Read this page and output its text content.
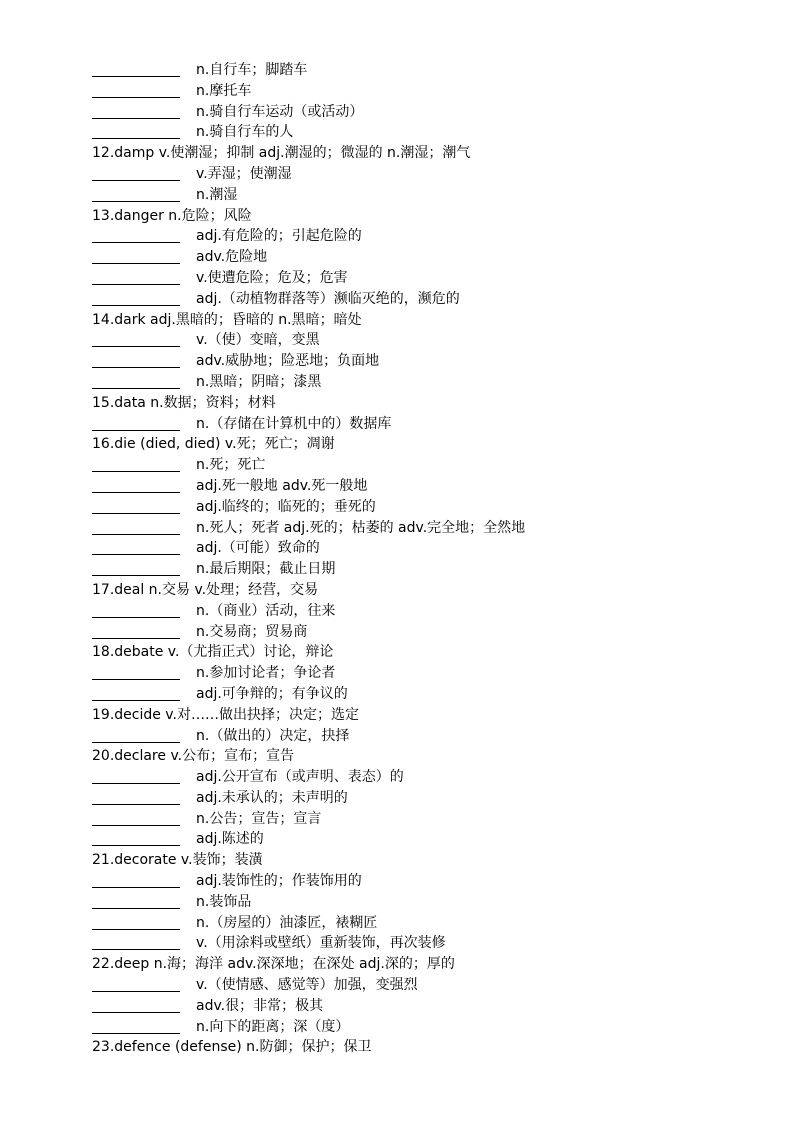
n.自行车；脚踏车
n.摩托车
n.骑自行车运动（或活动）
n.骑自行车的人
12.damp v.使潮湿；抑制 adj.潮湿的；微湿的 n.潮湿；潮气
v.弄湿；使潮湿
n.潮湿
13.danger n.危险；风险
adj.有危险的；引起危险的
adv.危险地
v.使遭危险；危及；危害
adj.（动植物群落等）濒临灭绝的，濒危的
14.dark adj.黑暗的；昏暗的 n.黑暗；暗处
v.（使）变暗，变黑
adv.威胁地；险恶地；负面地
n.黑暗；阴暗；漆黑
15.data n.数据；资料；材料
n.（存储在计算机中的）数据库
16.die (died, died) v.死；死亡；凋谢
n.死；死亡
adj.死一般地 adv.死一般地
adj.临终的；临死的；垂死的
n.死人；死者 adj.死的；枯萎的 adv.完全地；全然地
adj.（可能）致命的
n.最后期限；截止日期
17.deal n.交易 v.处理；经营，交易
n.（商业）活动，往来
n.交易商；贸易商
18.debate v.（尤指正式）讨论，辩论
n.参加讨论者；争论者
adj.可争辩的；有争议的
19.decide v.对……做出抉择；决定；选定
n.（做出的）决定，抉择
20.declare v.公布；宣布；宣告
adj.公开宣布（或声明、表态）的
adj.未承认的；未声明的
n.公告；宣告；宣言
adj.陈述的
21.decorate v.装饰；装潢
adj.装饰性的；作装饰用的
n.装饰品
n.（房屋的）油漆匠，裱糊匠
v.（用涂料或壁纸）重新装饰，再次装修
22.deep n.海；海洋 adv.深深地；在深处 adj.深的；厚的
v.（使情感、感觉等）加强，变强烈
adv.很；非常；极其
n.向下的距离；深（度）
23.defence (defense) n.防御；保护；保卫
